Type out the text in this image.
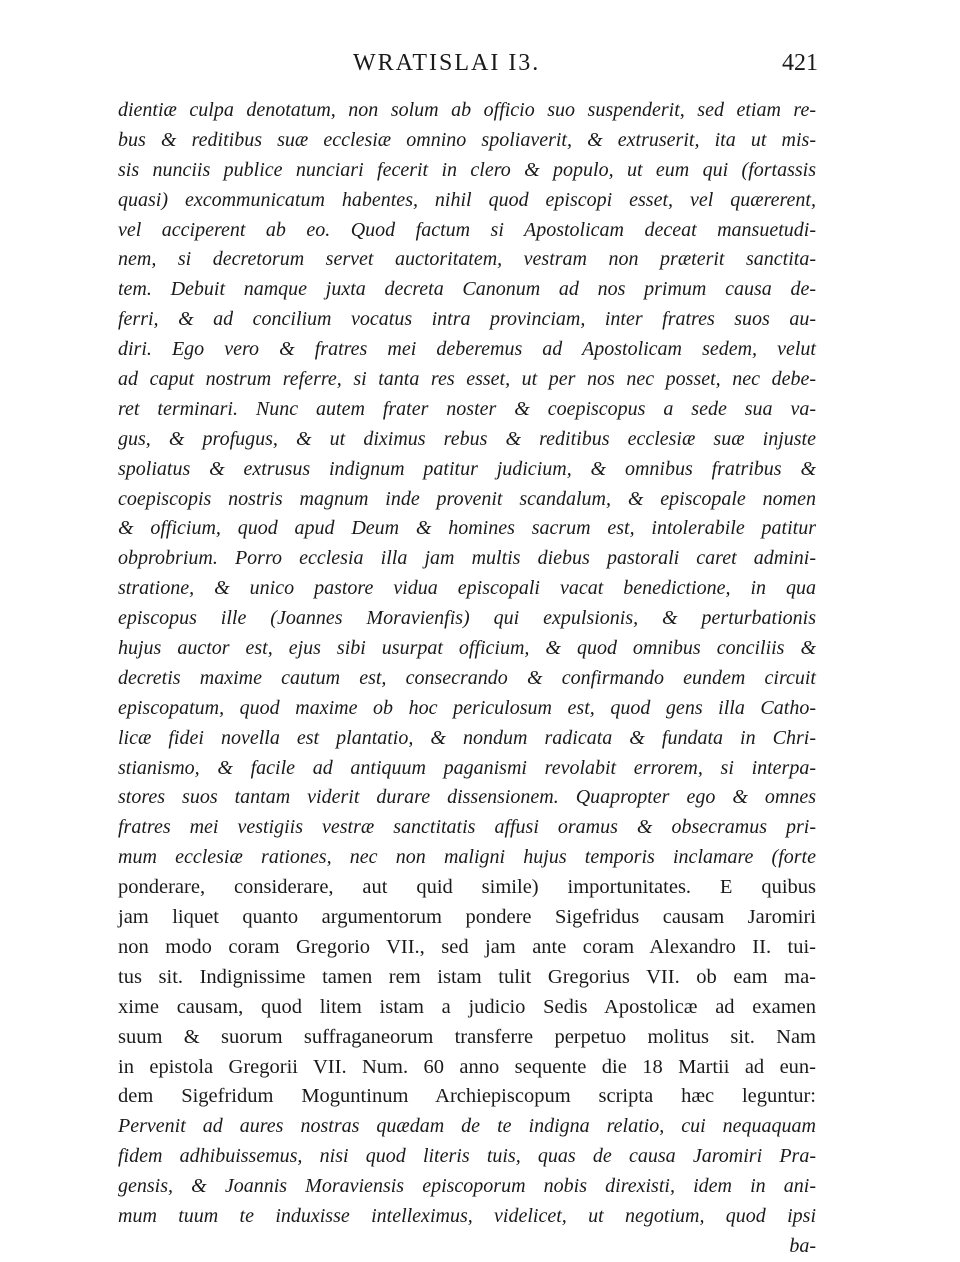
WRATISLAI I3.	421
dientiæ culpa denotatum, non solum ab officio suo suspenderit, sed etiam re-
bus & reditibus suæ ecclesiæ omnino spoliaverit, & extruserit, ita ut mis-
sis nunciis publice nunciari fecerit in clero & populo, ut eum qui (fortassis
quasi) excommunicatum habentes, nihil quod episcopi esset, vel quærerent,
vel acciperent ab eo. Quod factum si Apostolicam deceat mansuetudi-
nem, si decretorum servet auctoritatem, vestram non præterit sanctita-
tem. Debuit namque juxta decreta Canonum ad nos primum causa de-
ferri, & ad concilium vocatus intra provinciam, inter fratres suos au-
diri. Ego vero & fratres mei deberemus ad Apostolicam sedem, velut
ad caput nostrum referre, si tanta res esset, ut per nos nec posset, nec debe-
ret terminari. Nunc autem frater noster & coepiscopus a sede sua va-
gus, & profugus, & ut diximus rebus & reditibus ecclesiæ suæ injuste
spoliatus & extrusus indignum patitur judicium, & omnibus fratribus &
coepiscopis nostris magnum inde provenit scandalum, & episcopale nomen
& officium, quod apud Deum & homines sacrum est, intolerabile patitur
obprobrium. Porro ecclesia illa jam multis diebus pastorali caret admini-
stratione, & unico pastore vidua episcopali vacat benedictione, in qua
episcopus ille (Joannes Moravienfis) qui expulsionis, & perturbationis
hujus auctor est, ejus sibi usurpat officium, & quod omnibus conciliis &
decretis maxime cautum est, consecrando & confirmando eundem circuit
episcopatum, quod maxime ob hoc periculosum est, quod gens illa Catho-
licæ fidei novella est plantatio, & nondum radicata & fundata in Chri-
stianismo, & facile ad antiquum paganismi revolabit errorem, si interpa-
stores suos tantam viderit durare dissensionem. Quapropter ego & omnes
fratres mei vestigiis vestræ sanctitatis affusi oramus & obsecramus pri-
mum ecclesiæ rationes, nec non maligni hujus temporis inclamare (forte
ponderare, considerare, aut quid simile) importunitates. E quibus
jam liquet quanto argumentorum pondere Sigefridus causam Jaromiri
non modo coram Gregorio VII., sed jam ante coram Alexandro II. tui-
tus sit. Indignissime tamen rem istam tulit Gregorius VII. ob eam ma-
xime causam, quod litem istam a judicio Sedis Apostolicæ ad examen
suum & suorum suffraganeorum transferre perpetuo molitus sit. Nam
in epistola Gregorii VII. Num. 60 anno sequente die 18 Martii ad eun-
dem Sigefridum Moguntinum Archiepiscopum scripta hæc leguntur:
Pervenit ad aures nostras quædam de te indigna relatio, cui nequaquam
fidem adhibuissemus, nisi quod literis tuis, quas de causa Jaromiri Pra-
gensis, & Joannis Moraviensis episcoporum nobis direxisti, idem in ani-
mum tuum te induxisse intelleximus, videlicet, ut negotium, quod ipsi
ba-
